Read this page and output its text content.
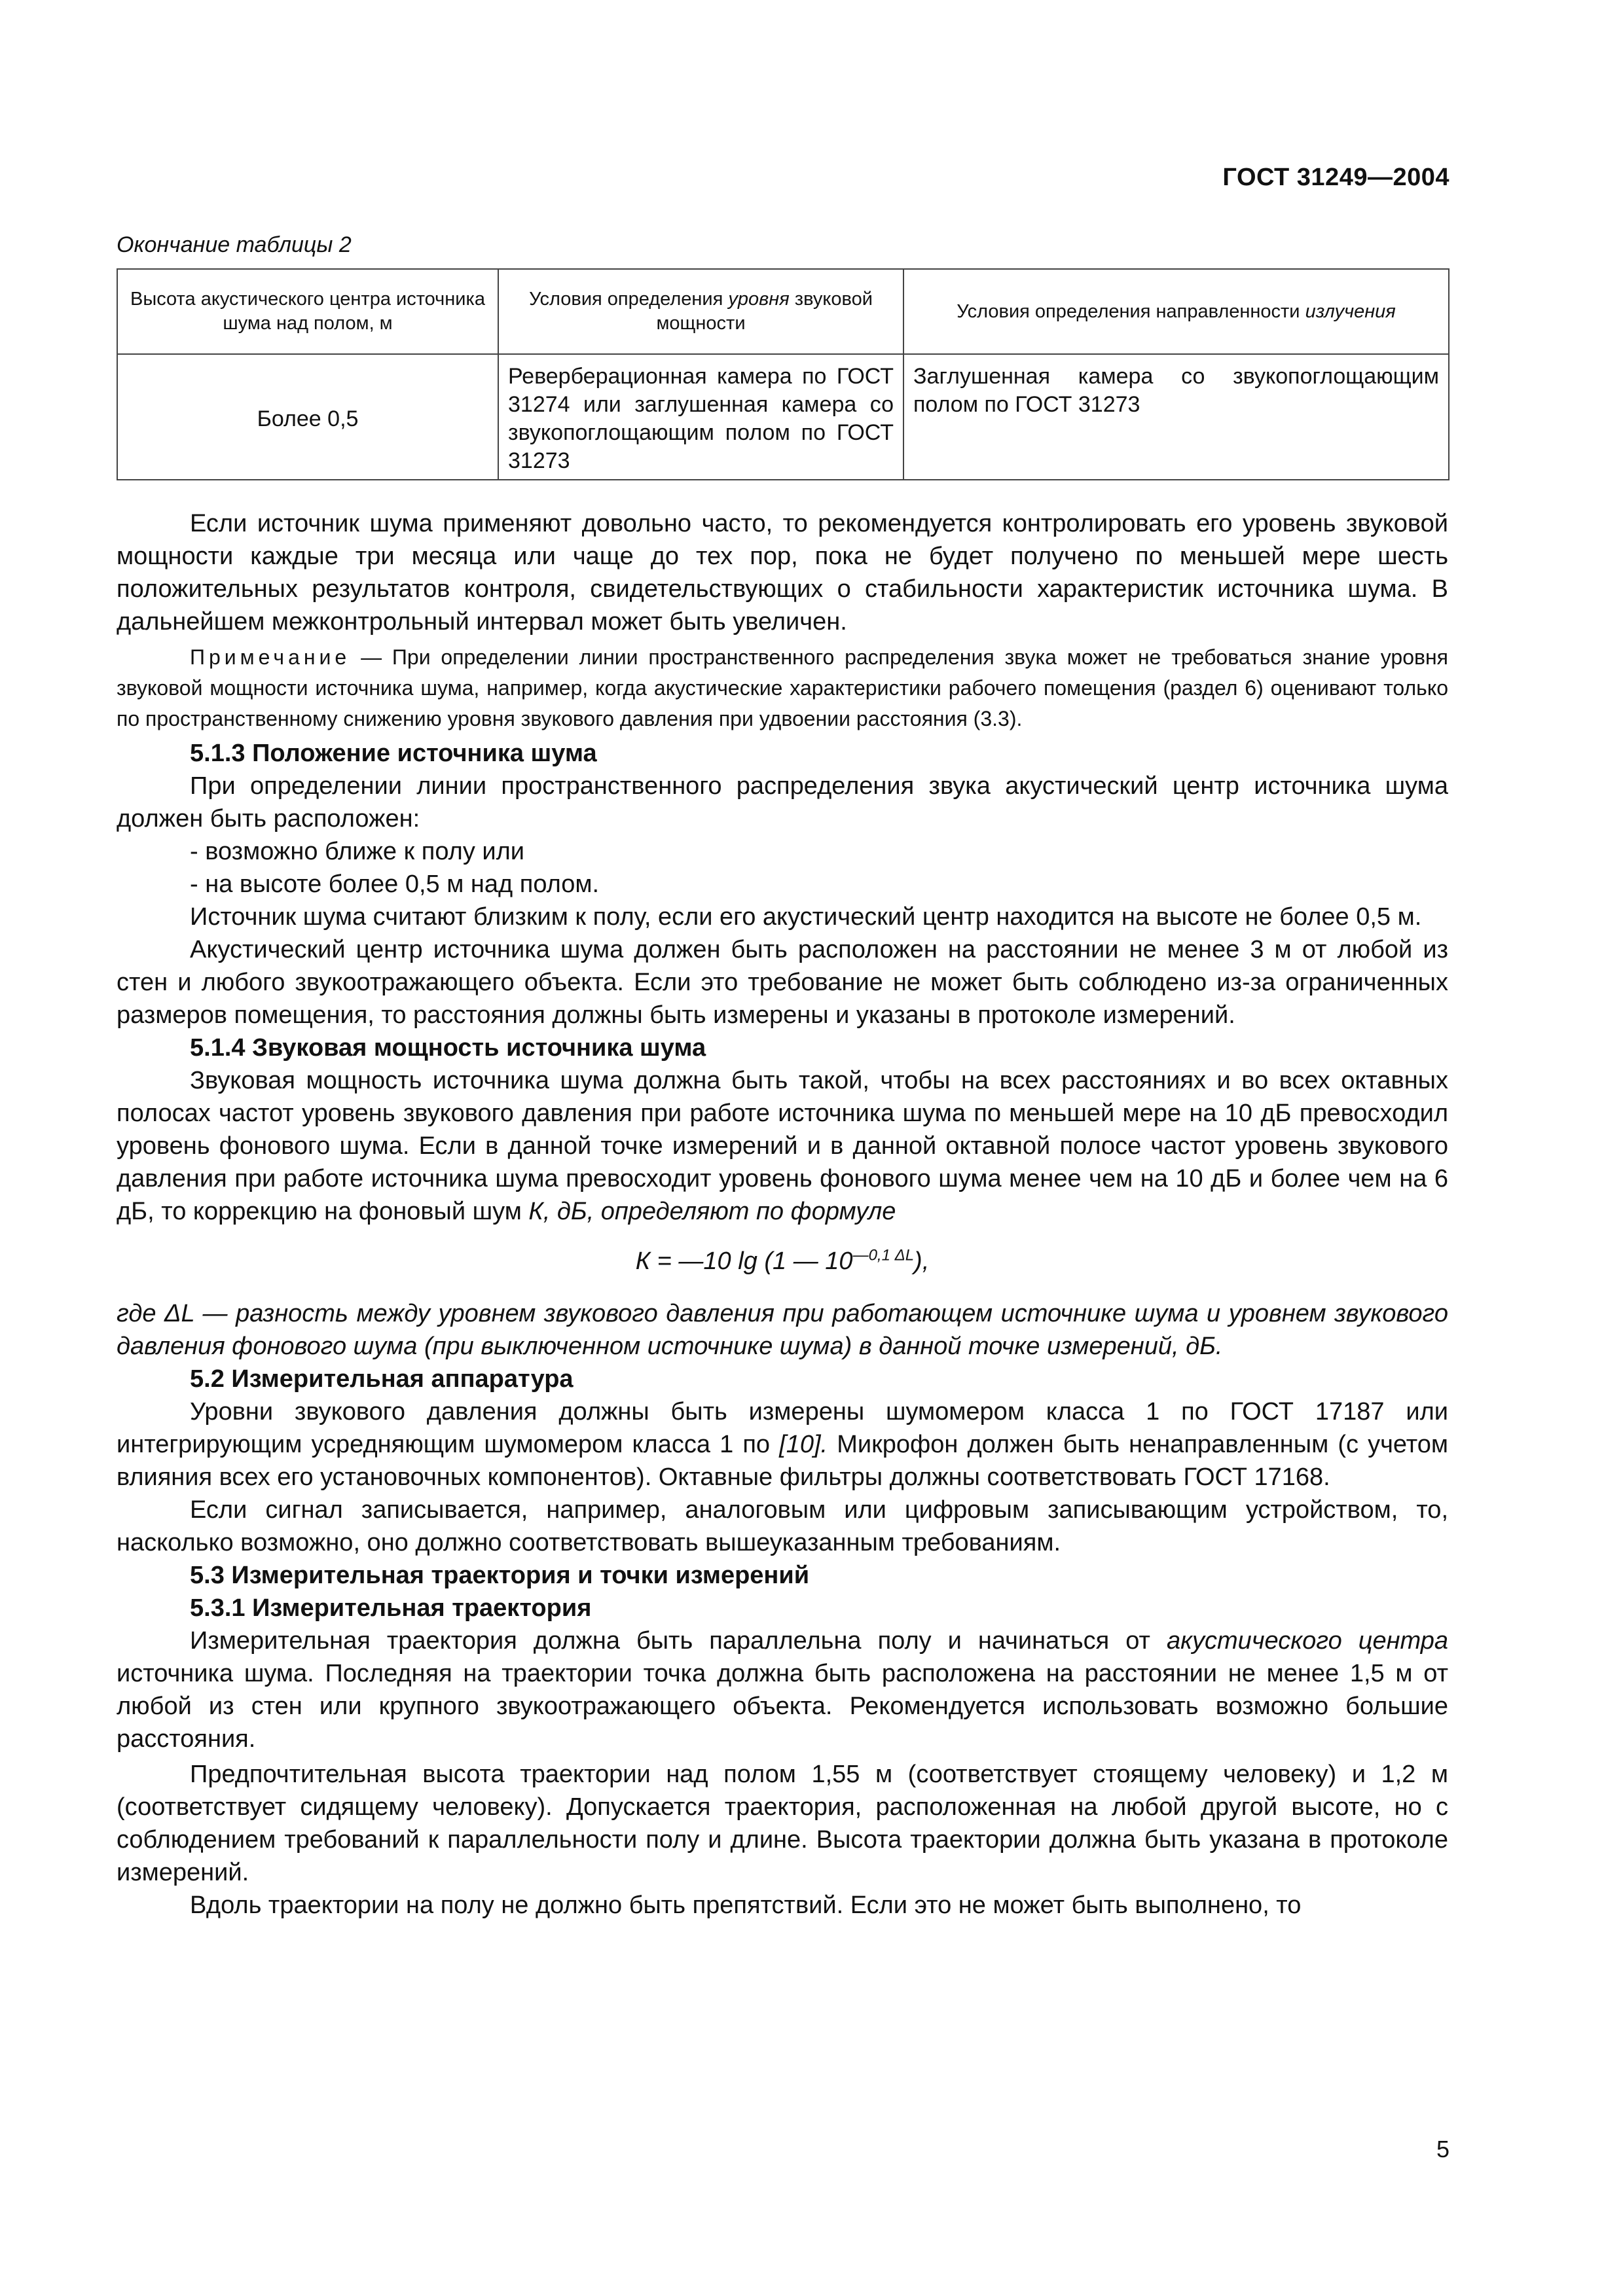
ГОСТ 31249—2004
Окончание таблицы 2
Высота акустического центра источника шума над полом, м	Условия определения уровня звуковой мощности	Условия определения направленности излучения
Более 0,5	Реверберационная камера по ГОСТ 31274 или заглушенная камера со звукопоглощающим полом по ГОСТ 31273	Заглушенная камера со звукопоглощающим полом по ГОСТ 31273

Если источник шума применяют довольно часто, то рекомендуется контролировать его уровень звуковой мощности каждые три месяца или чаще до тех пор, пока не будет получено по меньшей мере шесть положительных результатов контроля, свидетельствующих о стабильности характеристик источника шума. В дальнейшем межконтрольный интервал может быть увеличен.

Примечание — При определении линии пространственного распределения звука может не требоваться знание уровня звуковой мощности источника шума, например, когда акустические характеристики рабочего помещения (раздел 6) оценивают только по пространственному снижению уровня звукового давления при удвоении расстояния (3.3).

5.1.3 Положение источника шума

При определении линии пространственного распределения звука акустический центр источника шума должен быть расположен:

- возможно ближе к полу или

- на высоте более 0,5 м над полом.

Источник шума считают близким к полу, если его акустический центр находится на высоте не более 0,5 м.

Акустический центр источника шума должен быть расположен на расстоянии не менее 3 м от любой из стен и любого звукоотражающего объекта. Если это требование не может быть соблюдено из-за ограниченных размеров помещения, то расстояния должны быть измерены и указаны в протоколе измерений.

5.1.4 Звуковая мощность источника шума

Звуковая мощность источника шума должна быть такой, чтобы на всех расстояниях и во всех октавных полосах частот уровень звукового давления при работе источника шума по меньшей мере на 10 дБ превосходил уровень фонового шума. Если в данной точке измерений и в данной октавной полосе частот уровень звукового давления при работе источника шума превосходит уровень фонового шума менее чем на 10 дБ и более чем на 6 дБ, то коррекцию на фоновый шум К, дБ, определяют по формуле

К = —10 lg (1 — $10^{—0,1 \Delta L}$),

где ΔL — разность между уровнем звукового давления при работающем источнике шума и уровнем звукового давления фонового шума (при выключенном источнике шума) в данной точке измерений, дБ.

5.2 Измерительная аппаратура

Уровни звукового давления должны быть измерены шумомером класса 1 по ГОСТ 17187 или интегрирующим усредняющим шумомером класса 1 по [10]. Микрофон должен быть ненаправленным (с учетом влияния всех его установочных компонентов). Октавные фильтры должны соответствовать ГОСТ 17168.

Если сигнал записывается, например, аналоговым или цифровым записывающим устройством, то, насколько возможно, оно должно соответствовать вышеуказанным требованиям.

5.3 Измерительная траектория и точки измерений

5.3.1 Измерительная траектория

Измерительная траектория должна быть параллельна полу и начинаться от акустического центра источника шума. Последняя на траектории точка должна быть расположена на расстоянии не менее 1,5 м от любой из стен или крупного звукоотражающего объекта. Рекомендуется использовать возможно большие расстояния.

Предпочтительная высота траектории над полом 1,55 м (соответствует стоящему человеку) и 1,2 м (соответствует сидящему человеку). Допускается траектория, расположенная на любой другой высоте, но с соблюдением требований к параллельности полу и длине. Высота траектории должна быть указана в протоколе измерений.

Вдоль траектории на полу не должно быть препятствий. Если это не может быть выполнено, то

5
